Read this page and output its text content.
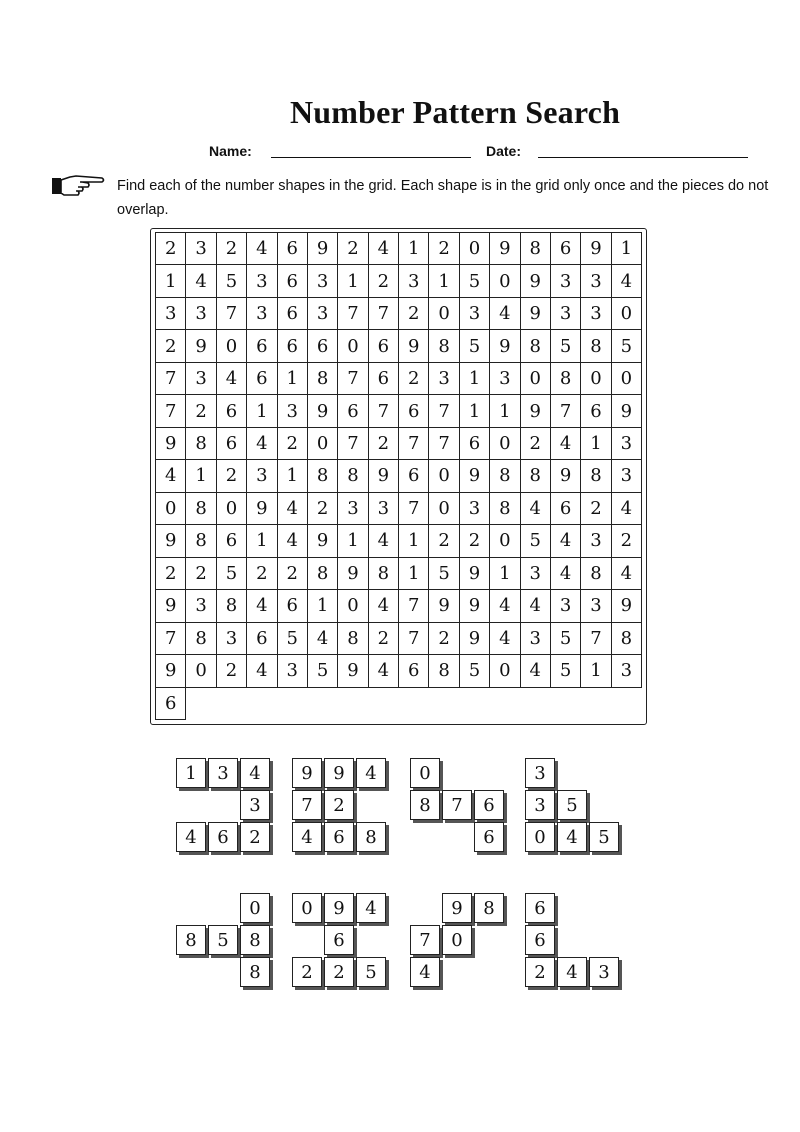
Number Pattern Search
Name:	Date:
Find each of the number shapes in the grid. Each shape is in the grid only once and the pieces do not overlap.
2	3	2	4	6	9	2	4	1	2	0	9	8	6	9	1
1	4	5	3	6	3	1	2	3	1	5	0	9	3	3	4
3	3	7	3	6	3	7	7	2	0	3	4	9	3	3	0
2	9	0	6	6	6	0	6	9	8	5	9	8	5	8	5
7	3	4	6	1	8	7	6	2	3	1	3	0	8	0	0
7	2	6	1	3	9	6	7	6	7	1	1	9	7	6	9
9	8	6	4	2	0	7	2	7	7	6	0	2	4	1	3
4	1	2	3	1	8	8	9	6	0	9	8	8	9	8	3
0	8	0	9	4	2	3	3	7	0	3	8	4	6	2	4
9	8	6	1	4	9	1	4	1	2	2	0	5	4	3	2
2	2	5	2	2	8	9	8	1	5	9	1	3	4	8	4
9	3	8	4	6	1	0	4	7	9	9	4	4	3	3	9
7	8	3	6	5	4	8	2	7	2	9	4	3	5	7	8
9	0	2	4	3	5	9	4	6	8	5	0	4	5	1	3
6
1	3	4
3
4	6	2
9	9	4
7	2
4	6	8
0
8	7	6
6
3
3	5
0	4	5
0
8	5	8
8
0	9	4
6
2	2	5
9	8
7	0
4
6
6
2	4	3
